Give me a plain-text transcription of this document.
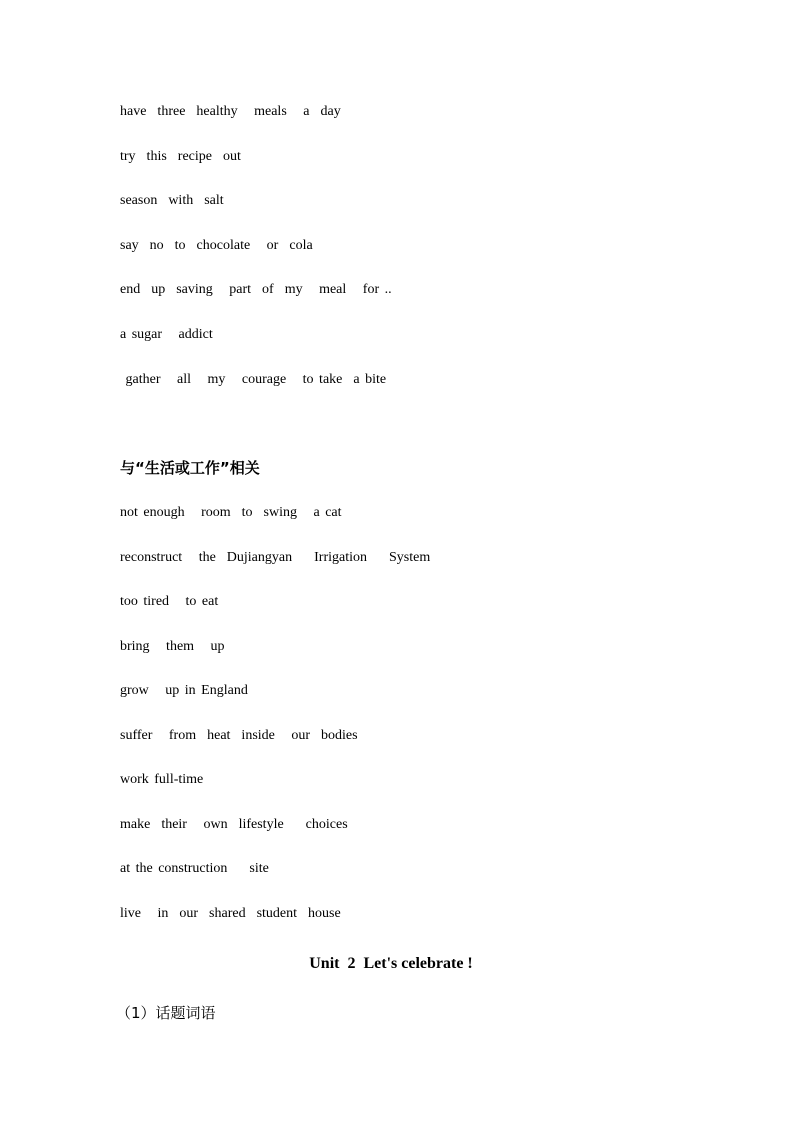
have  three  healthy   meals   a  day
try  this  recipe  out
season  with  salt
say  no  to  chocolate   or  cola
end  up  saving   part  of  my   meal   for ..
a sugar   addict
gather   all   my   courage   to take  a bite
与“生活或工作”相关
not enough   room  to  swing   a cat
reconstruct   the  Dujiangyan    Irrigation    System
too tired   to eat
bring   them   up
grow   up in England
suffer   from  heat  inside   our  bodies
work full-time
make  their   own  lifestyle    choices
at the construction    site
live   in  our  shared  student  house
Unit  2  Let's celebrate !
（1）话题词语
